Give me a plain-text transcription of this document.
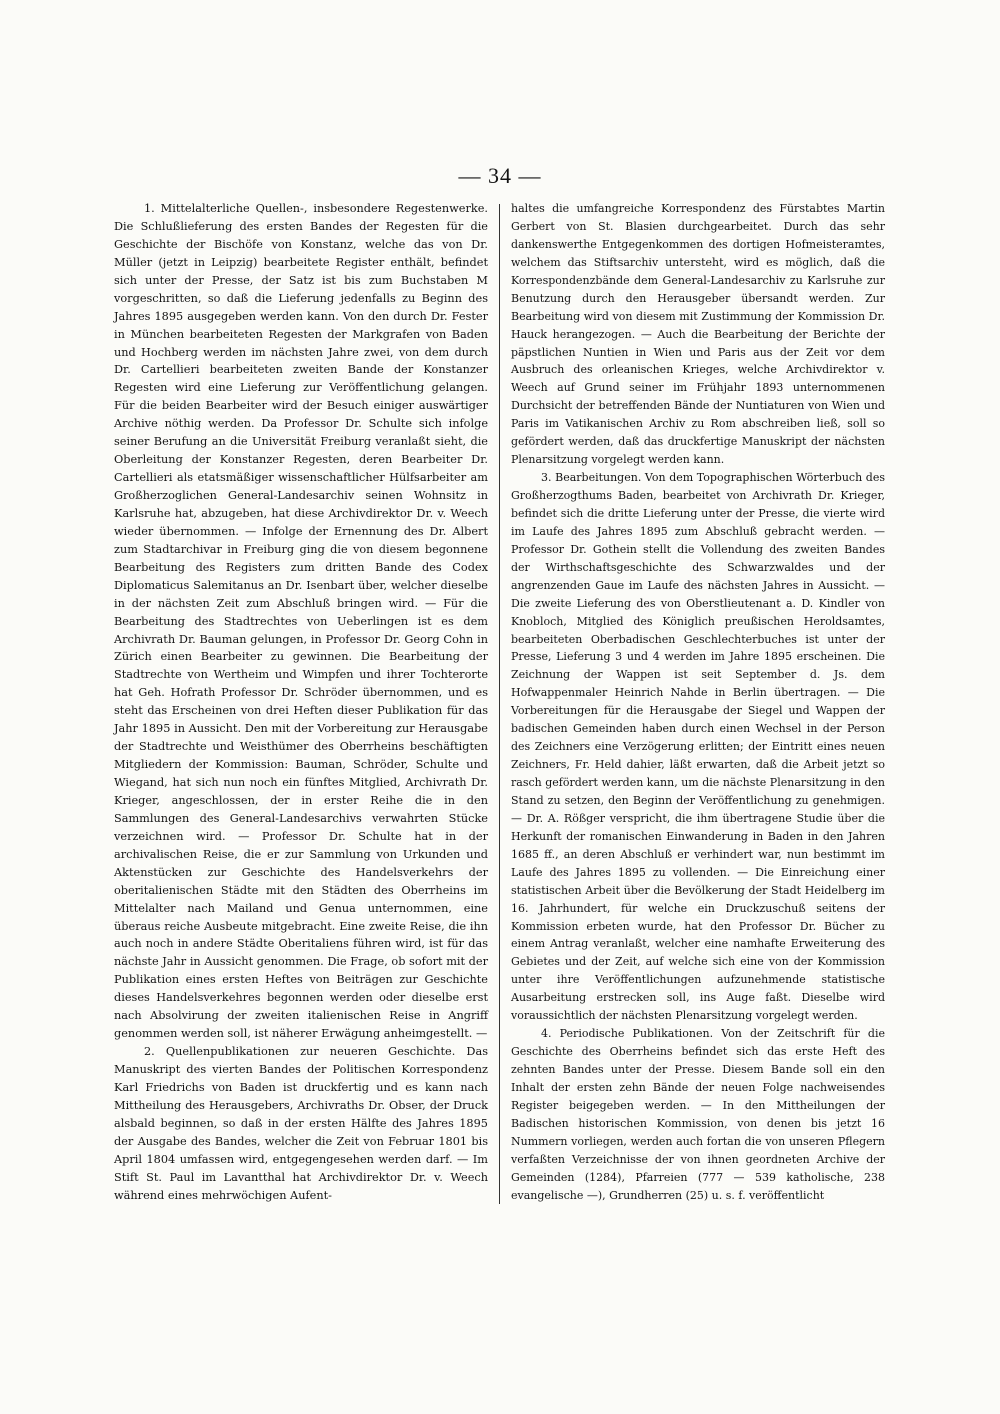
— 34 —

1. Mittelalterliche Quellen-, insbesondere Regestenwerke. Die Schlußlieferung des ersten Bandes der Regesten für die Geschichte der Bischöfe von Konstanz, welche das von Dr. Müller (jetzt in Leipzig) bearbeitete Register enthält, befindet sich unter der Presse, der Satz ist bis zum Buchstaben M vorgeschritten, so daß die Lieferung jedenfalls zu Beginn des Jahres 1895 ausgegeben werden kann. Von den durch Dr. Fester in München bearbeiteten Regesten der Markgrafen von Baden und Hochberg werden im nächsten Jahre zwei, von dem durch Dr. Cartellieri bearbeiteten zweiten Bande der Konstanzer Regesten wird eine Lieferung zur Veröffentlichung gelangen. Für die beiden Bearbeiter wird der Besuch einiger auswärtiger Archive nöthig werden. Da Professor Dr. Schulte sich infolge seiner Berufung an die Universität Freiburg veranlaßt sieht, die Oberleitung der Konstanzer Regesten, deren Bearbeiter Dr. Cartellieri als etatsmäßiger wissenschaftlicher Hülfsarbeiter am Großherzoglichen General-Landesarchiv seinen Wohnsitz in Karlsruhe hat, abzugeben, hat diese Archivdirektor Dr. v. Weech wieder übernommen. — Infolge der Ernennung des Dr. Albert zum Stadtarchivar in Freiburg ging die von diesem begonnene Bearbeitung des Registers zum dritten Bande des Codex Diplomaticus Salemitanus an Dr. Isenbart über, welcher dieselbe in der nächsten Zeit zum Abschluß bringen wird. — Für die Bearbeitung des Stadtrechtes von Ueberlingen ist es dem Archivrath Dr. Bauman gelungen, in Professor Dr. Georg Cohn in Zürich einen Bearbeiter zu gewinnen. Die Bearbeitung der Stadtrechte von Wertheim und Wimpfen und ihrer Tochterorte hat Geh. Hofrath Professor Dr. Schröder übernommen, und es steht das Erscheinen von drei Heften dieser Publikation für das Jahr 1895 in Aussicht. Den mit der Vorbereitung zur Herausgabe der Stadtrechte und Weisthümer des Oberrheins beschäftigten Mitgliedern der Kommission: Bauman, Schröder, Schulte und Wiegand, hat sich nun noch ein fünftes Mitglied, Archivrath Dr. Krieger, angeschlossen, der in erster Reihe die in den Sammlungen des General-Landesarchivs verwahrten Stücke verzeichnen wird. — Professor Dr. Schulte hat in der archivalischen Reise, die er zur Sammlung von Urkunden und Aktenstücken zur Geschichte des Handelsverkehrs der oberitalienischen Städte mit den Städten des Oberrheins im Mittelalter nach Mailand und Genua unternommen, eine überaus reiche Ausbeute mitgebracht. Eine zweite Reise, die ihn auch noch in andere Städte Oberitaliens führen wird, ist für das nächste Jahr in Aussicht genommen. Die Frage, ob sofort mit der Publikation eines ersten Heftes von Beiträgen zur Geschichte dieses Handelsverkehres begonnen werden oder dieselbe erst nach Absolvirung der zweiten italienischen Reise in Angriff genommen werden soll, ist näherer Erwägung anheimgestellt. —

2. Quellenpublikationen zur neueren Geschichte. Das Manuskript des vierten Bandes der Politischen Korrespondenz Karl Friedrichs von Baden ist druckfertig und es kann nach Mittheilung des Herausgebers, Archivraths Dr. Obser, der Druck alsbald beginnen, so daß in der ersten Hälfte des Jahres 1895 der Ausgabe des Bandes, welcher die Zeit von Februar 1801 bis April 1804 umfassen wird, entgegengesehen werden darf. — Im Stift St. Paul im Lavantthal hat Archivdirektor Dr. v. Weech während eines mehrwöchigen Aufent-

haltes die umfangreiche Korrespondenz des Fürstabtes Martin Gerbert von St. Blasien durchgearbeitet. Durch das sehr dankenswerthe Entgegenkommen des dortigen Hofmeisteramtes, welchem das Stiftsarchiv untersteht, wird es möglich, daß die Korrespondenzbände dem General-Landesarchiv zu Karlsruhe zur Benutzung durch den Herausgeber übersandt werden. Zur Bearbeitung wird von diesem mit Zustimmung der Kommission Dr. Hauck herangezogen. — Auch die Bearbeitung der Berichte der päpstlichen Nuntien in Wien und Paris aus der Zeit vor dem Ausbruch des orleanischen Krieges, welche Archivdirektor v. Weech auf Grund seiner im Frühjahr 1893 unternommenen Durchsicht der betreffenden Bände der Nuntiaturen von Wien und Paris im Vatikanischen Archiv zu Rom abschreiben ließ, soll so gefördert werden, daß das druckfertige Manuskript der nächsten Plenarsitzung vorgelegt werden kann.

3. Bearbeitungen. Von dem Topographischen Wörterbuch des Großherzogthums Baden, bearbeitet von Archivrath Dr. Krieger, befindet sich die dritte Lieferung unter der Presse, die vierte wird im Laufe des Jahres 1895 zum Abschluß gebracht werden. — Professor Dr. Gothein stellt die Vollendung des zweiten Bandes der Wirthschaftsgeschichte des Schwarzwaldes und der angrenzenden Gaue im Laufe des nächsten Jahres in Aussicht. — Die zweite Lieferung des von Oberstlieutenant a. D. Kindler von Knobloch, Mitglied des Königlich preußischen Heroldsamtes, bearbeiteten Oberbadischen Geschlechterbuches ist unter der Presse, Lieferung 3 und 4 werden im Jahre 1895 erscheinen. Die Zeichnung der Wappen ist seit September d. Js. dem Hofwappenmaler Heinrich Nahde in Berlin übertragen. — Die Vorbereitungen für die Herausgabe der Siegel und Wappen der badischen Gemeinden haben durch einen Wechsel in der Person des Zeichners eine Verzögerung erlitten; der Eintritt eines neuen Zeichners, Fr. Held dahier, läßt erwarten, daß die Arbeit jetzt so rasch gefördert werden kann, um die nächste Plenarsitzung in den Stand zu setzen, den Beginn der Veröffentlichung zu genehmigen. — Dr. A. Rößger verspricht, die ihm übertragene Studie über die Herkunft der romanischen Einwanderung in Baden in den Jahren 1685 ff., an deren Abschluß er verhindert war, nun bestimmt im Laufe des Jahres 1895 zu vollenden. — Die Einreichung einer statistischen Arbeit über die Bevölkerung der Stadt Heidelberg im 16. Jahrhundert, für welche ein Druckzuschuß seitens der Kommission erbeten wurde, hat den Professor Dr. Bücher zu einem Antrag veranlaßt, welcher eine namhafte Erweiterung des Gebietes und der Zeit, auf welche sich eine von der Kommission unter ihre Veröffentlichungen aufzunehmende statistische Ausarbeitung erstrecken soll, ins Auge faßt. Dieselbe wird voraussichtlich der nächsten Plenarsitzung vorgelegt werden.

4. Periodische Publikationen. Von der Zeitschrift für die Geschichte des Oberrheins befindet sich das erste Heft des zehnten Bandes unter der Presse. Diesem Bande soll ein den Inhalt der ersten zehn Bände der neuen Folge nachweisendes Register beigegeben werden. — In den Mittheilungen der Badischen historischen Kommission, von denen bis jetzt 16 Nummern vorliegen, werden auch fortan die von unseren Pflegern verfaßten Verzeichnisse der von ihnen geordneten Archive der Gemeinden (1284), Pfarreien (777 — 539 katholische, 238 evangelische —), Grundherren (25) u. s. f. veröffentlicht
